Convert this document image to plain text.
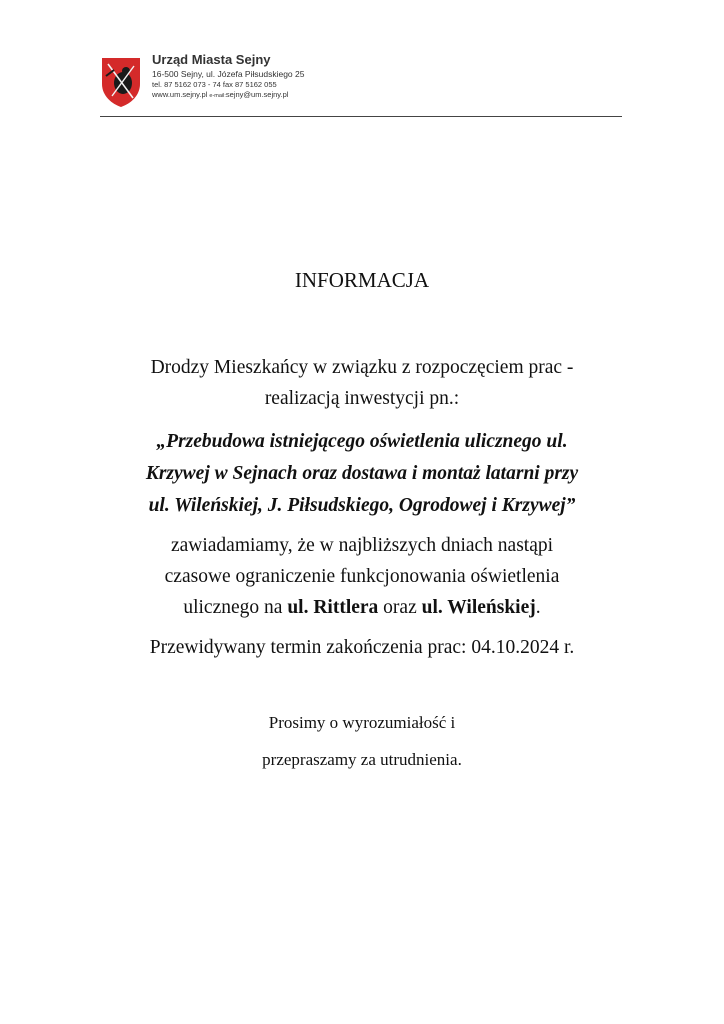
Urząd Miasta Sejny
16-500 Sejny, ul. Józefa Piłsudskiego 25
tel. 87 5162 073 - 74 fax 87 5162 055
www.um.sejny.pl e-mail:sejny@um.sejny.pl
INFORMACJA
Drodzy Mieszkańcy w związku z rozpoczęciem prac -
realizacją inwestycji pn.:
„Przebudowa istniejącego oświetlenia ulicznego ul.
Krzywej w Sejnach oraz dostawa i montaż latarni przy
ul. Wileńskiej, J. Piłsudskiego, Ogrodowej i Krzywej”
zawiadamiamy, że w najbliższych dniach nastąpi
czasowe ograniczenie funkcjonowania oświetlenia
ulicznego na ul. Rittlera oraz ul. Wileńskiej.
Przewidywany termin zakończenia prac: 04.10.2024 r.
Prosimy o wyrozumiałość i
przepraszamy za utrudnienia.
